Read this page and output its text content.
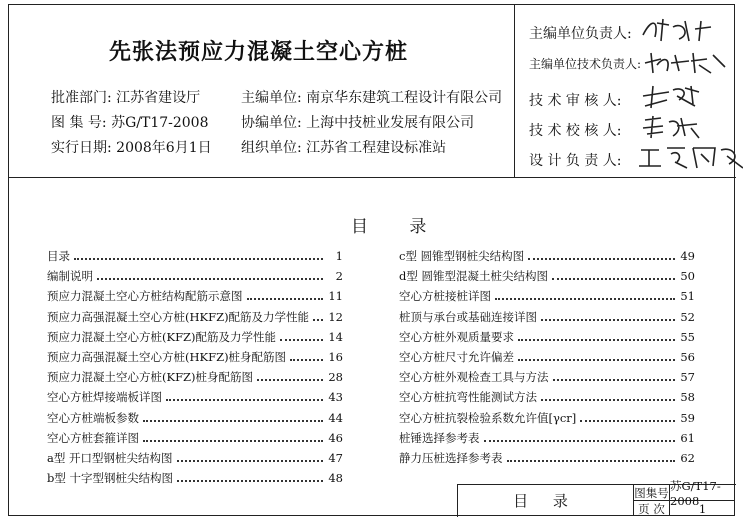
先张法预应力混凝土空心方桩
批准部门: 江苏省建设厅
图 集 号: 苏G/T17-2008
实行日期: 2008年6月1日
主编单位: 南京华东建筑工程设计有限公司
协编单位: 上海中技桩业发展有限公司
组织单位: 江苏省工程建设标准站
主编单位负责人:
主编单位技术负责人:
技 术 审 核 人:
技 术 校 核 人:
设 计 负 责 人:
目 录
目录	1
编制说明	2
预应力混凝土空心方桩结构配筋示意图	11
预应力高强混凝土空心方桩(HKFZ)配筋及力学性能 12
预应力混凝土空心方桩(KFZ)配筋及力学性能	14
预应力高强混凝土空心方桩(HKFZ)桩身配筋图	16
预应力混凝土空心方桩(KFZ)桩身配筋图	28
空心方桩焊接端板详图	43
空心方桩端板参数	44
空心方桩套箍详图	46
a型 开口型钢桩尖结构图	47
b型 十字型钢桩尖结构图	48
c型 圆锥型钢桩尖结构图	49
d型 圆锥型混凝土桩尖结构图	50
空心方桩接桩详图	51
桩顶与承台或基础连接详图	52
空心方桩外观质量要求	55
空心方桩尺寸允许偏差	56
空心方桩外观检查工具与方法	57
空心方桩抗弯性能测试方法	58
空心方桩抗裂检验系数允许值[γcr]	59
桩锤选择参考表	61
静力压桩选择参考表	62
目 录	图集号 苏G/T17-2008
页 次	1
